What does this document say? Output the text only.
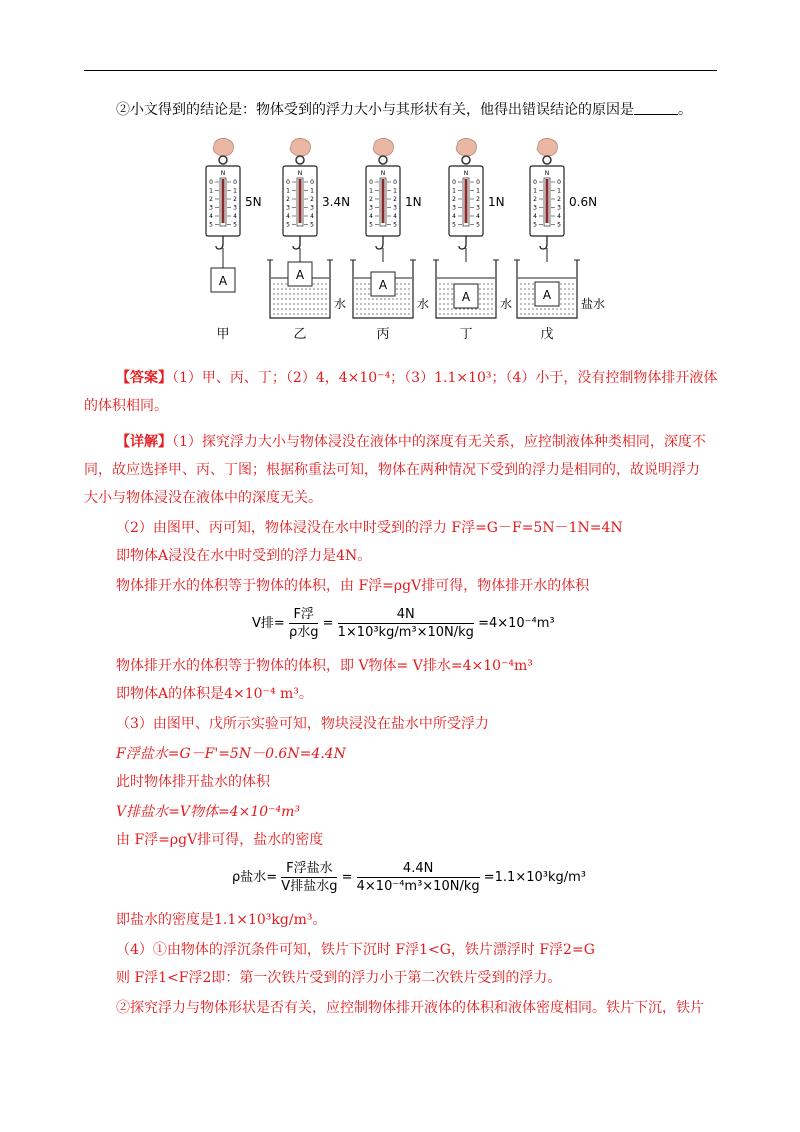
②小文得到的结论是：物体受到的浮力大小与其形状有关，他得出错误结论的原因是	。
N
0	0
1	1
2	2
3	3
4	4
5	5
5N
A
甲
N
0	0
1	1
2	2
3	3
4	4
5	5
3.4N
A
水
乙
N
0	0
1	1
2	2
3	3
4	4
5	5
1N
A
水
丙
N
0	0
1	1
2	2
3	3
4	4
5	5
1N
A 水
丁
N
0	0
1	1
2	2
3	3
4	4
5	5
0.6N
A
盐水
戊
【答案】（1）甲、丙、丁；（2）4，4×10⁻⁴；（3）1.1×10³；（4）小于，没有控制物体排开液体
的体积相同。
【详解】（1）探究浮力大小与物体浸没在液体中的深度有无关系，应控制液体种类相同，深度不
同，故应选择甲、丙、丁图；根据称重法可知，物体在两种情况下受到的浮力是相同的，故说明浮力
大小与物体浸没在液体中的深度无关。
（2）由图甲、丙可知，物体浸没在水中时受到的浮力 F浮=G－F=5N－1N=4N
即物体A浸没在水中时受到的浮力是4N。
物体排开水的体积等于物体的体积，由 F浮=ρgV排可得，物体排开水的体积
V排= $\frac{\text{F浮}}{\text{ρ水g}} = \frac{4N}{\text{1×10³kg/m³×10N/kg}} =4\times 10^{-4}m^3$
物体排开水的体积等于物体的体积，即 V物体= V排水=4×10⁻⁴m³
即物体A的体积是4×10⁻⁴ m³。
（3）由图甲、戊所示实验可知，物块浸没在盐水中所受浮力
F浮盐水=G－F'=5N－0.6N=4.4N
此时物体排开盐水的体积
V排盐水=V物体=4×10⁻⁴m³
由 F浮=ρgV排可得，盐水的密度
ρ盐水= $\frac{\text{F浮盐水}}{\text{V排盐水g}} = \frac{4.4N}{\text{4×10⁻⁴m³×10N/kg}} =1.1\times 10^3kg/m^3$
即盐水的密度是1.1×10³kg/m³。
（4）①由物体的浮沉条件可知，铁片下沉时 F浮1<G，铁片漂浮时 F浮2=G
则 F浮1<F浮2即：第一次铁片受到的浮力小于第二次铁片受到的浮力。
②探究浮力与物体形状是否有关，应控制物体排开液体的体积和液体密度相同。铁片下沉，铁片
